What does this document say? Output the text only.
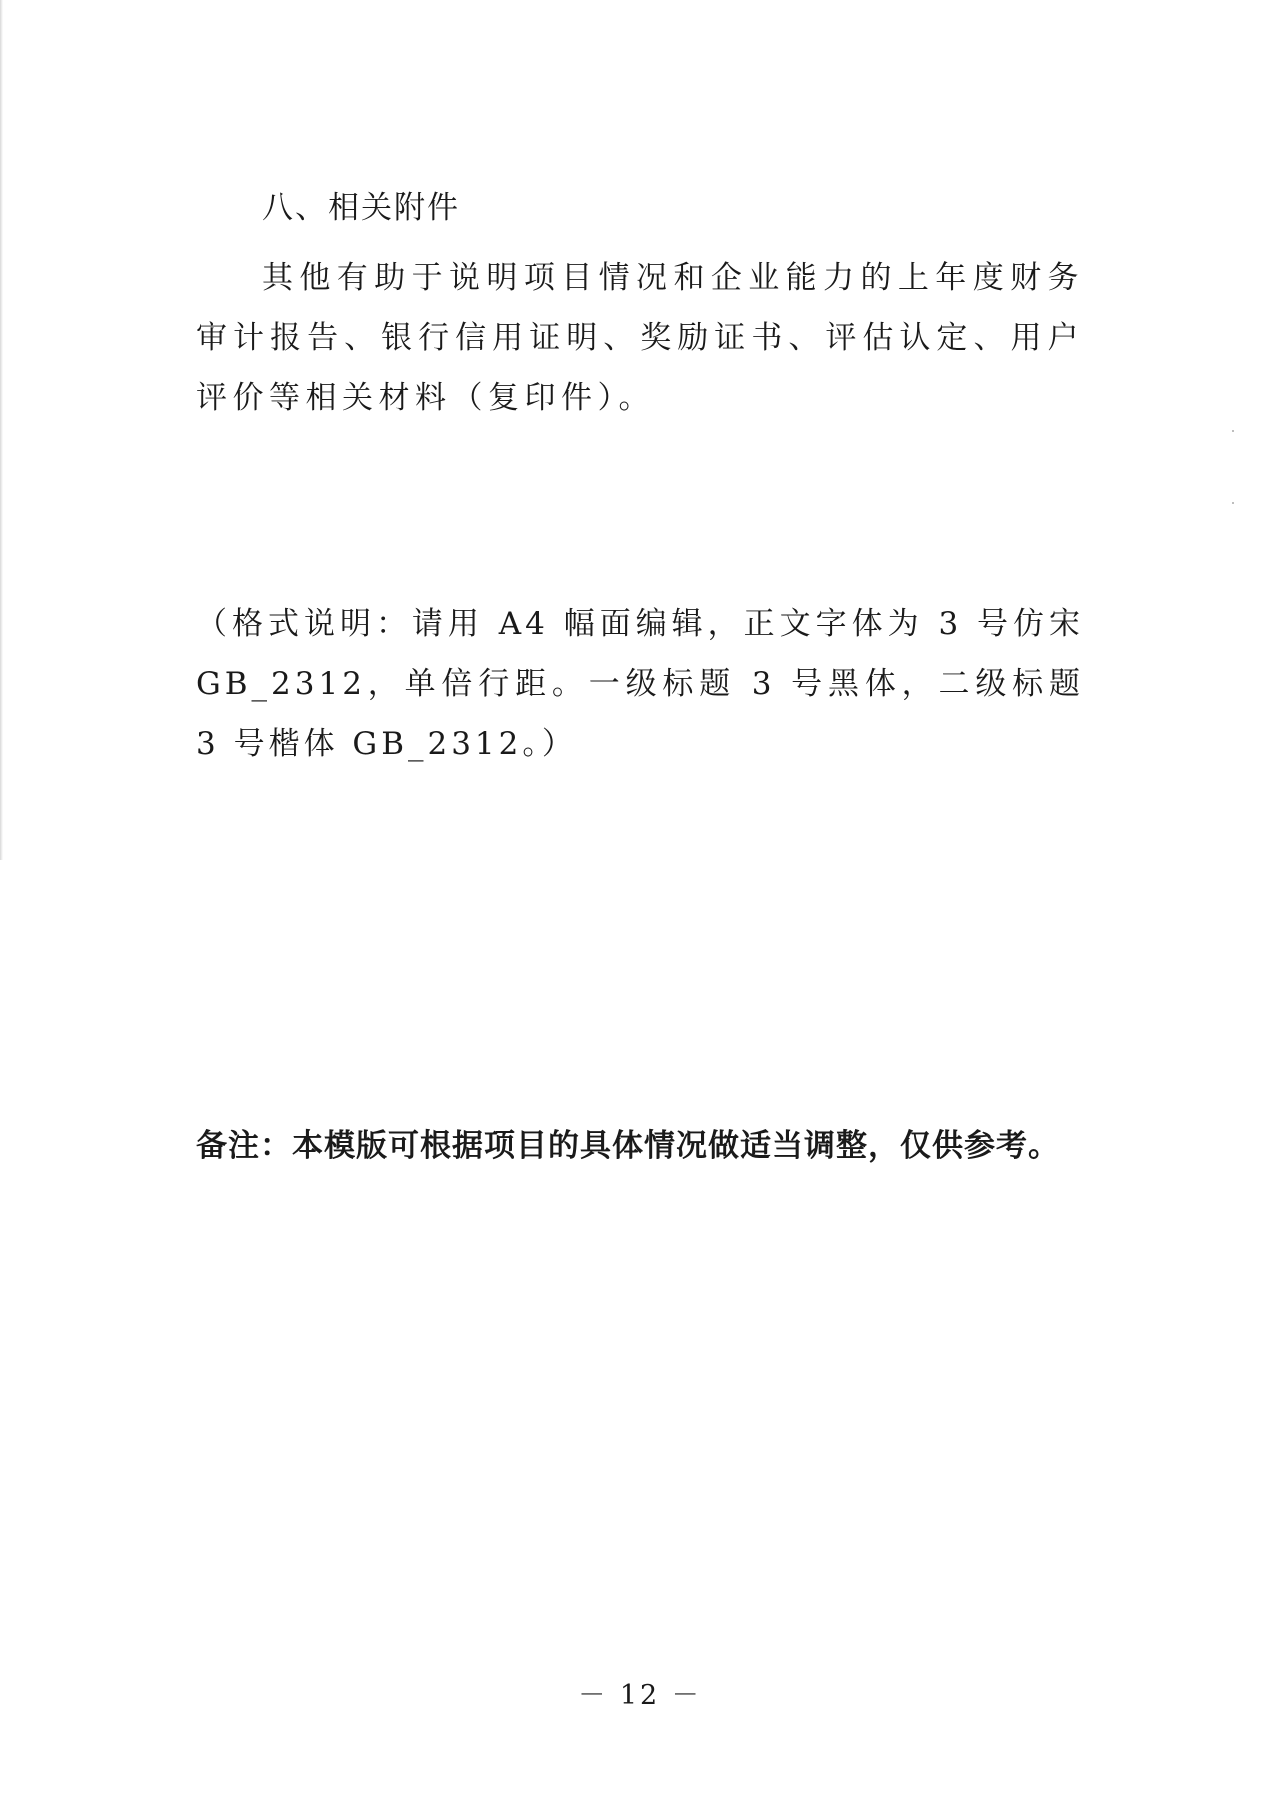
八、相关附件

其他有助于说明项目情况和企业能力的上年度财务审计报告、银行信用证明、奖励证书、评估认定、用户评价等相关材料（复印件）。

（格式说明：请用 A4 幅面编辑，正文字体为 3 号仿宋 GB_2312，单倍行距。一级标题 3 号黑体，二级标题 3 号楷体 GB_2312。）

备注：本模版可根据项目的具体情况做适当调整，仅供参考。

－ 12 －
